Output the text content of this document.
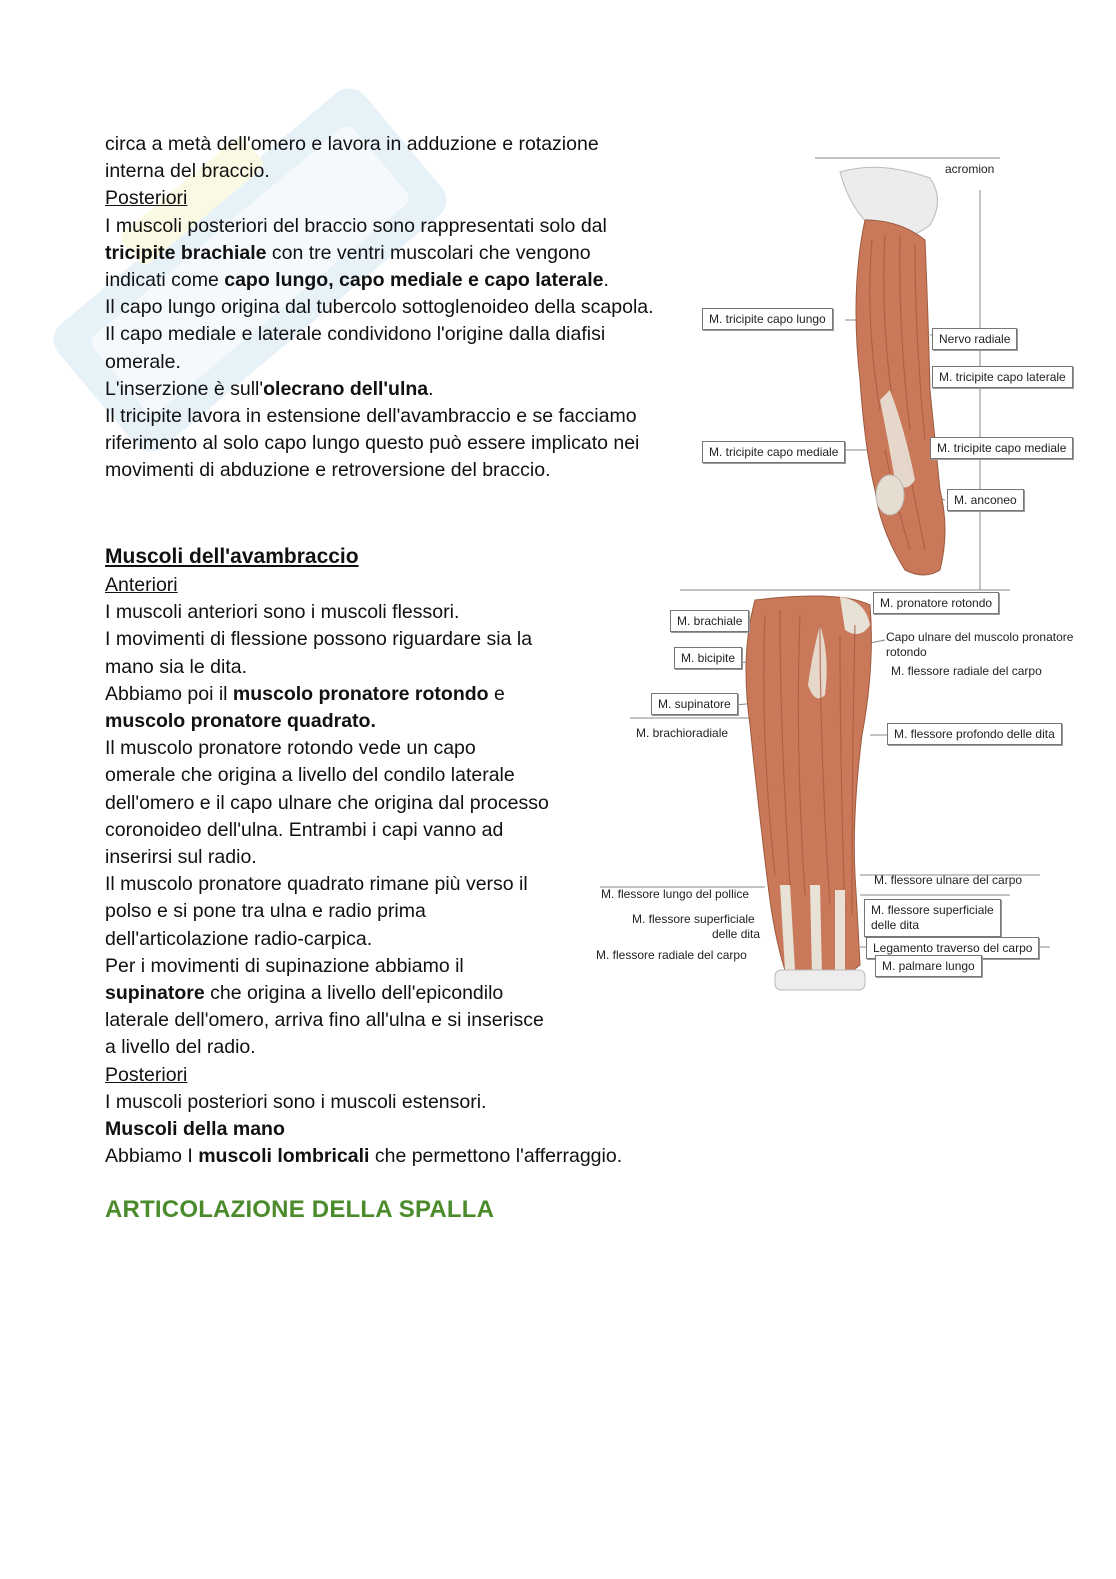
circa a metà dell'omero e lavora in adduzione e rotazione

interna del braccio.

Posteriori

I muscoli posteriori del braccio sono rappresentati solo dal

tricipite brachiale con tre ventri muscolari che vengono

indicati come capo lungo, capo mediale e capo laterale.

Il capo lungo origina dal tubercolo sottoglenoideo della scapola.

Il capo mediale e laterale condividono l'origine dalla diafisi

omerale.

L'inserzione è sull'olecrano dell'ulna.

Il tricipite lavora in estensione dell'avambraccio e se facciamo

riferimento al solo capo lungo questo può essere implicato nei

movimenti di abduzione e retroversione del braccio.

Muscoli dell'avambraccio

Anteriori

I muscoli anteriori sono i muscoli flessori.

I movimenti di flessione possono riguardare sia la

mano sia le dita.

Abbiamo poi il muscolo pronatore rotondo e

muscolo pronatore quadrato.

Il muscolo pronatore rotondo vede un capo

omerale che origina a livello del condilo laterale

dell'omero e il capo ulnare che origina dal processo

coronoideo dell'ulna. Entrambi i capi vanno ad

inserirsi sul radio.

Il muscolo pronatore quadrato rimane più verso il

polso e si pone tra ulna e radio prima

dell'articolazione radio-carpica.

Per i movimenti di supinazione abbiamo il

supinatore che origina a livello dell'epicondilo

laterale dell'omero, arriva fino all'ulna e si inserisce

a livello del radio.

Posteriori

I muscoli posteriori sono i muscoli estensori.

Muscoli della mano

Abbiamo I muscoli lombricali che permettono l'afferraggio.

ARTICOLAZIONE DELLA SPALLA
acromion
M. tricipite capo lungo
Nervo radiale
M. tricipite capo laterale
M. tricipite capo mediale	M. tricipite capo mediale
M. anconeo
M. pronatore rotondo
M. brachiale
Capo ulnare del muscolo pronatore
rotondo
M. flessore radiale del carpo
M. bicipite
M. supinatore
M. brachioradiale	M. flessore profondo delle dita
M. flessore ulnare del carpo
M. flessore lungo del pollice
M. flessore superficiale
delle dita
M. flessore superficiale
delle dita
Legamento traverso del carpo
M. flessore radiale del carpo
M. palmare lungo
